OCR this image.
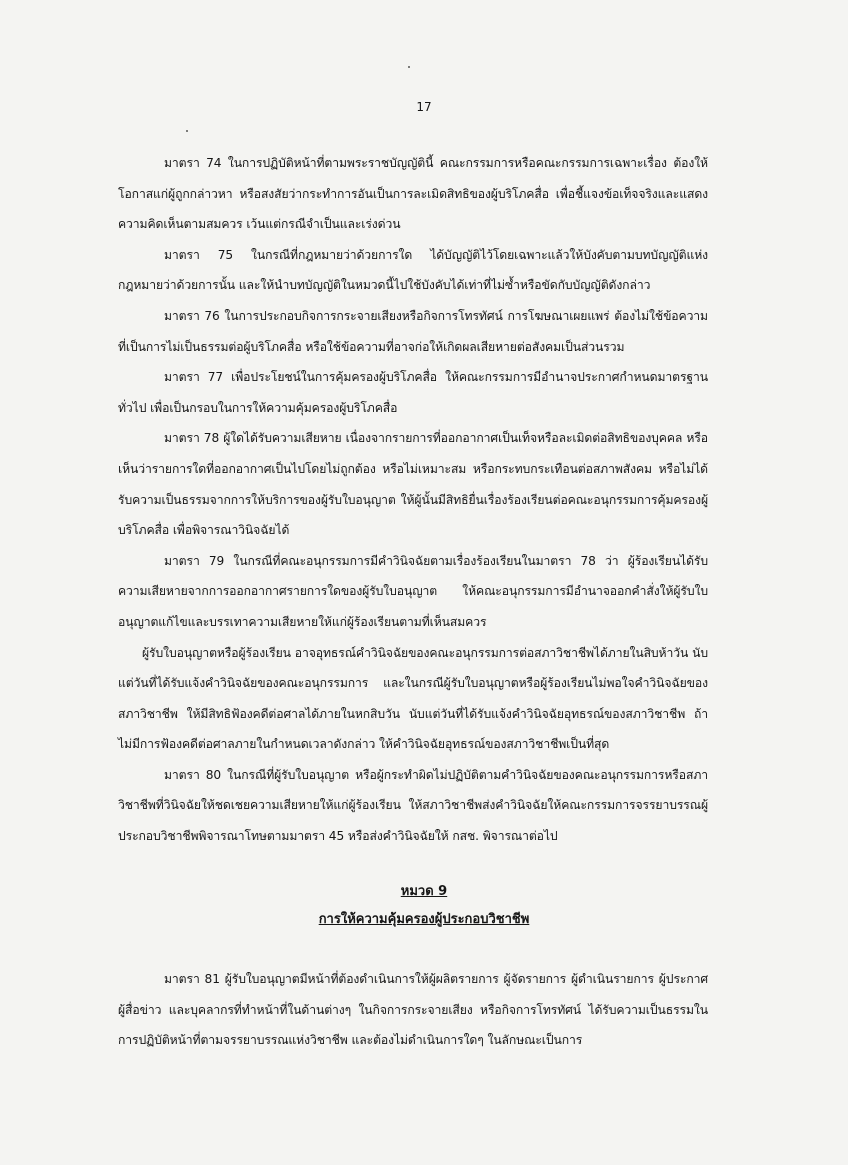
17

มาตรา 74 ในการปฏิบัติหน้าที่ตามพระราชบัญญัตินี้ คณะกรรมการหรือคณะกรรมการเฉพาะเรื่อง ต้องให้โอกาสแก่ผู้ถูกกล่าวหา หรือสงสัยว่ากระทำการอันเป็นการละเมิดสิทธิของผู้บริโภคสื่อ เพื่อชี้แจงข้อเท็จจริงและแสดงความคิดเห็นตามสมควร เว้นแต่กรณีจำเป็นและเร่งด่วน

มาตรา 75 ในกรณีที่กฎหมายว่าด้วยการใด ได้บัญญัติไว้โดยเฉพาะแล้วให้บังคับตามบทบัญญัติแห่งกฎหมายว่าด้วยการนั้น และให้นำบทบัญญัติในหมวดนี้ไปใช้บังคับได้เท่าที่ไม่ซ้ำหรือขัดกับบัญญัติดังกล่าว

มาตรา 76 ในการประกอบกิจการกระจายเสียงหรือกิจการโทรทัศน์ การโฆษณาเผยแพร่ ต้องไม่ใช้ข้อความที่เป็นการไม่เป็นธรรมต่อผู้บริโภคสื่อ หรือใช้ข้อความที่อาจก่อให้เกิดผลเสียหายต่อสังคมเป็นส่วนรวม

มาตรา 77 เพื่อประโยชน์ในการคุ้มครองผู้บริโภคสื่อ ให้คณะกรรมการมีอำนาจประกาศกำหนดมาตรฐานทั่วไป เพื่อเป็นกรอบในการให้ความคุ้มครองผู้บริโภคสื่อ

มาตรา 78 ผู้ใดได้รับความเสียหาย เนื่องจากรายการที่ออกอากาศเป็นเท็จหรือละเมิดต่อสิทธิของบุคคล หรือเห็นว่ารายการใดที่ออกอากาศเป็นไปโดยไม่ถูกต้อง หรือไม่เหมาะสม หรือกระทบกระเทือนต่อสภาพสังคม หรือไม่ได้รับความเป็นธรรมจากการให้บริการของผู้รับใบอนุญาต ให้ผู้นั้นมีสิทธิยื่นเรื่องร้องเรียนต่อคณะอนุกรรมการคุ้มครองผู้บริโภคสื่อ เพื่อพิจารณาวินิจฉัยได้

มาตรา 79 ในกรณีที่คณะอนุกรรมการมีคำวินิจฉัยตามเรื่องร้องเรียนในมาตรา 78 ว่า ผู้ร้องเรียนได้รับความเสียหายจากการออกอากาศรายการใดของผู้รับใบอนุญาต ให้คณะอนุกรรมการมีอำนาจออกคำสั่งให้ผู้รับใบอนุญาตแก้ไขและบรรเทาความเสียหายให้แก่ผู้ร้องเรียนตามที่เห็นสมควร

ผู้รับใบอนุญาตหรือผู้ร้องเรียน อาจอุทธรณ์คำวินิจฉัยของคณะอนุกรรมการต่อสภาวิชาชีพได้ภายในสิบห้าวัน นับแต่วันที่ได้รับแจ้งคำวินิจฉัยของคณะอนุกรรมการ และในกรณีผู้รับใบอนุญาตหรือผู้ร้องเรียนไม่พอใจคำวินิจฉัยของสภาวิชาชีพ ให้มีสิทธิฟ้องคดีต่อศาลได้ภายในหกสิบวัน นับแต่วันที่ได้รับแจ้งคำวินิจฉัยอุทธรณ์ของสภาวิชาชีพ ถ้าไม่มีการฟ้องคดีต่อศาลภายในกำหนดเวลาดังกล่าว ให้คำวินิจฉัยอุทธรณ์ของสภาวิชาชีพเป็นที่สุด

มาตรา 80 ในกรณีที่ผู้รับใบอนุญาต หรือผู้กระทำผิดไม่ปฏิบัติตามคำวินิจฉัยของคณะอนุกรรมการหรือสภาวิชาชีพที่วินิจฉัยให้ชดเชยความเสียหายให้แก่ผู้ร้องเรียน ให้สภาวิชาชีพส่งคำวินิจฉัยให้คณะกรรมการจรรยาบรรณผู้ประกอบวิชาชีพพิจารณาโทษตามมาตรา 45 หรือส่งคำวินิจฉัยให้ กสช. พิจารณาต่อไป

หมวด 9
การให้ความคุ้มครองผู้ประกอบวิชาชีพ

มาตรา 81 ผู้รับใบอนุญาตมีหน้าที่ต้องดำเนินการให้ผู้ผลิตรายการ ผู้จัดรายการ ผู้ดำเนินรายการ ผู้ประกาศ ผู้สื่อข่าว และบุคลากรที่ทำหน้าที่ในด้านต่างๆ ในกิจการกระจายเสียง หรือกิจการโทรทัศน์ ได้รับความเป็นธรรมในการปฏิบัติหน้าที่ตามจรรยาบรรณแห่งวิชาชีพ และต้องไม่ดำเนินการใดๆ ในลักษณะเป็นการ
